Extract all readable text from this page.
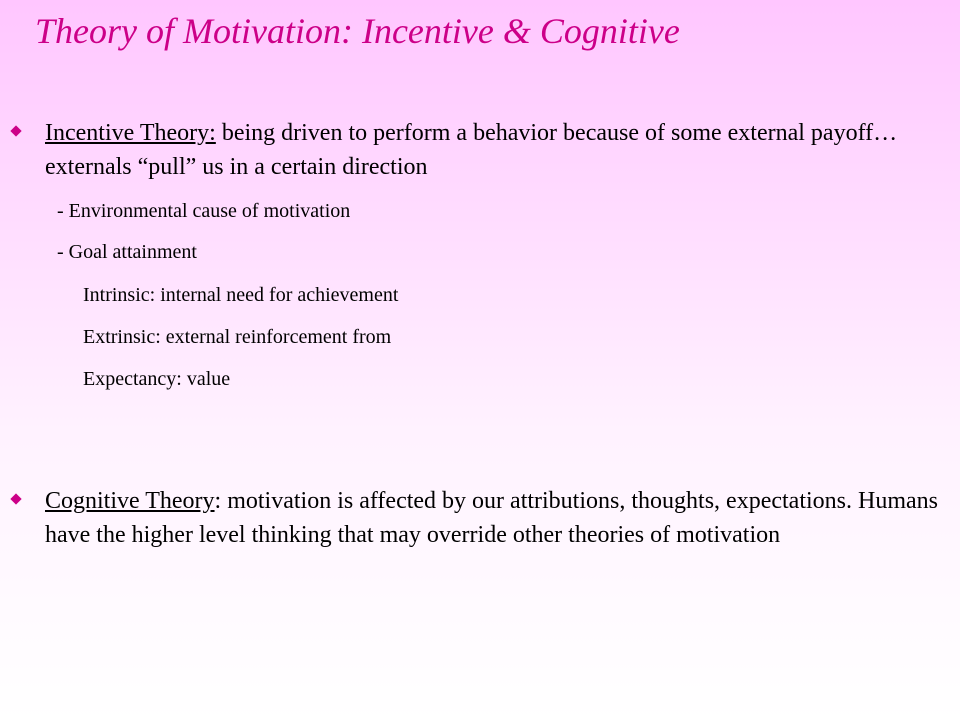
Theory of Motivation: Incentive & Cognitive
Incentive Theory: being driven to perform a behavior because of some external payoff…externals “pull” us in a certain direction
- Environmental cause of motivation
- Goal attainment
Intrinsic: internal need for achievement
Extrinsic: external reinforcement from
Expectancy: value
Cognitive Theory: motivation is affected by our attributions, thoughts, expectations. Humans have the higher level thinking that may override other theories of motivation
